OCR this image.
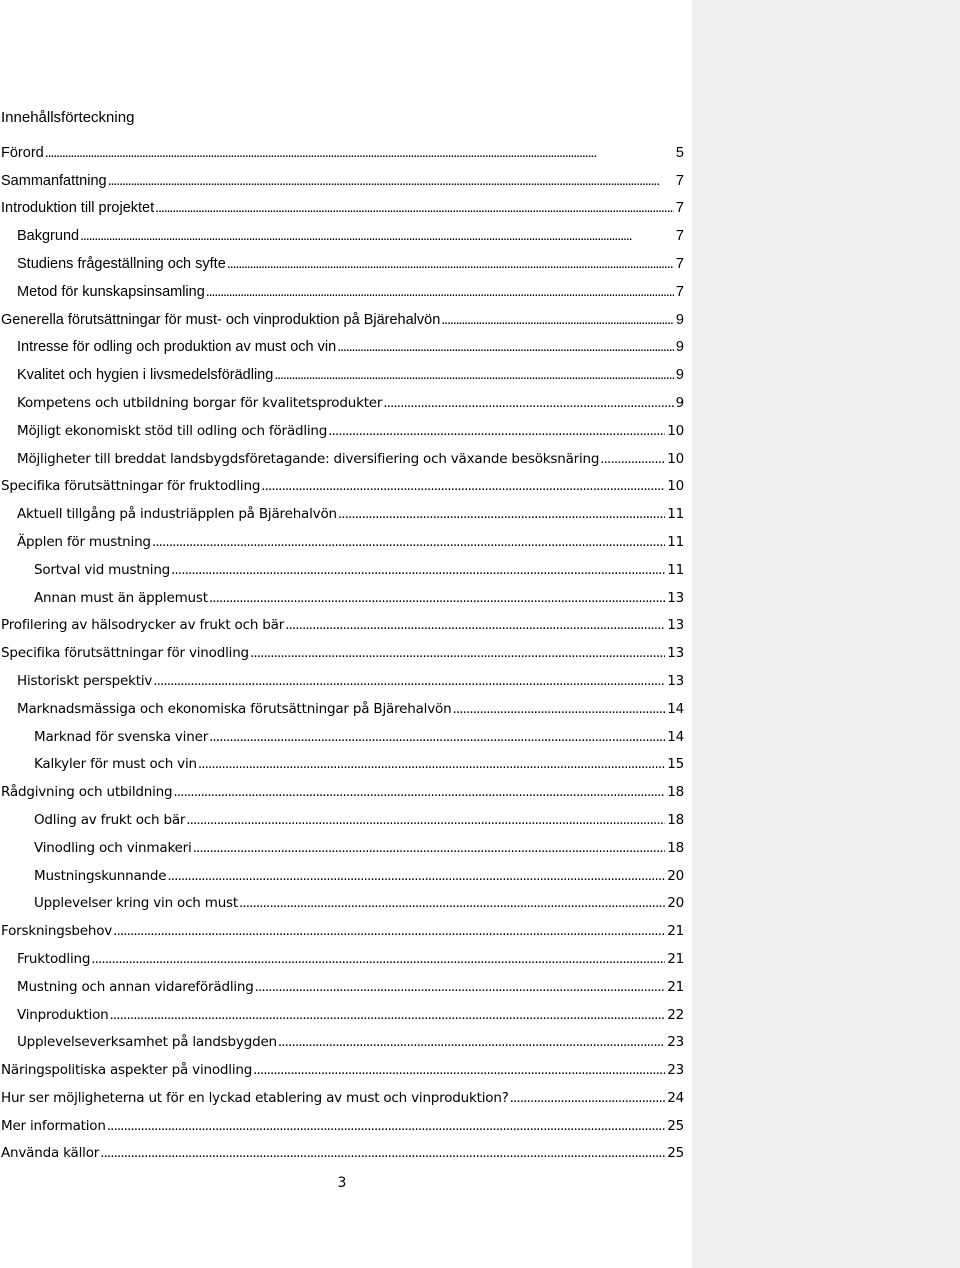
Innehållsförteckning
Förord . . .	5
Sammanfattning . . .	7
Introduktion till projektet . . .	7
Bakgrund . . .	7
Studiens frågeställning och syfte . . .	7
Metod för kunskapsinsamling . . .	7
Generella förutsättningar för must- och vinproduktion på Bjärehalvön . . .	9
Intresse för odling och produktion av must och vin . . .	9
Kvalitet och hygien i livsmedelsförädling . . .	9
Kompetens och utbildning borgar för kvalitetsprodukter . . .	9
Möjligt ekonomiskt stöd till odling och förädling . . .	10
Möjligheter till breddat landsbygdsföretagande: diversifiering och växande besöksnäring . . .	10
Specifika förutsättningar för fruktodling . . .	10
Aktuell tillgång på industriäpplen på Bjärehalvön . . .	11
Äpplen för mustning . . .	11
Sortval vid mustning . . .	11
Annan must än äpplemust . . .	13
Profilering av hälsodrycker av frukt och bär . . .	13
Specifika förutsättningar för vinodling . . .	13
Historiskt perspektiv . . .	13
Marknadsmässiga och ekonomiska förutsättningar på Bjärehalvön . . .	14
Marknad för svenska viner . . .	14
Kalkyler för must och vin . . .	15
Rådgivning och utbildning . . .	18
Odling av frukt och bär . . .	18
Vinodling och vinmakeri . . .	18
Mustningskunnande . . .	20
Upplevelser kring vin och must . . .	20
Forskningsbehov . . .	21
Fruktodling . . .	21
Mustning och annan vidareförädling . . .	21
Vinproduktion . . .	22
Upplevelseverksamhet på landsbygden . . .	23
Näringspolitiska aspekter på vinodling . . .	23
Hur ser möjligheterna ut för en lyckad etablering av must och vinproduktion? . . .	24
Mer information . . .	25
Använda källor . . .	25
3
